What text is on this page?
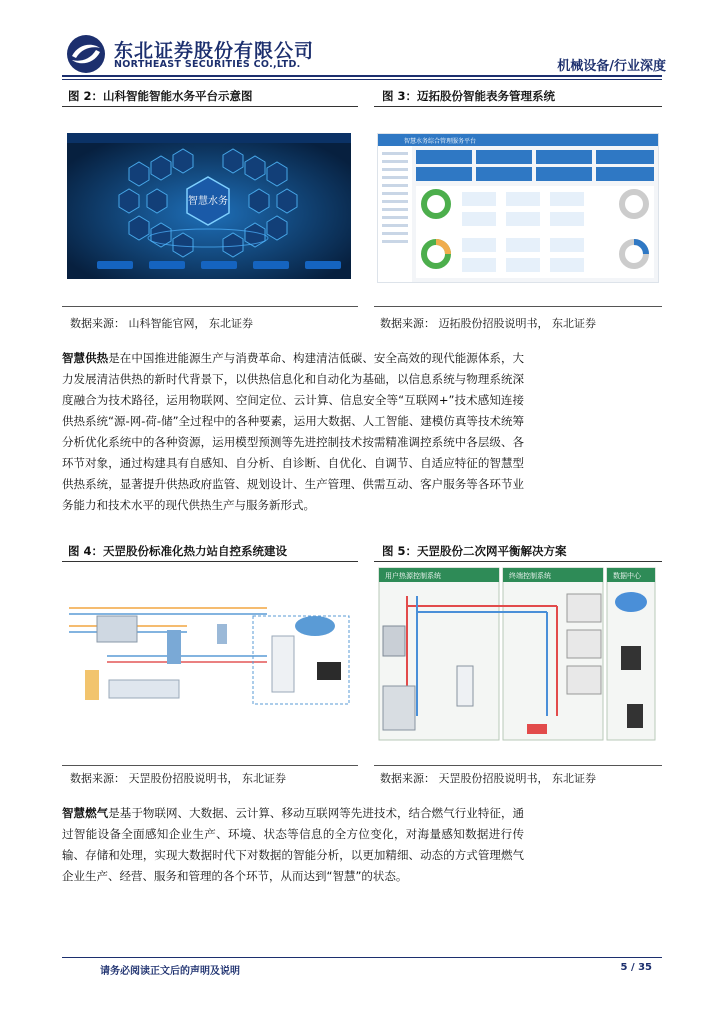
东北证券股份有限公司
NORTHEAST SECURITIES CO.,LTD.	机械设备/行业深度
图 2：山科智能智能水务平台示意图
智慧水务
数据来源： 山科智能官网， 东北证券
图 3：迈拓股份智能表务管理系统
智慧水务综合管理服务平台
数据来源： 迈拓股份招股说明书， 东北证券
智慧供热是在中国推进能源生产与消费革命、构建清洁低碳、安全高效的现代能源体系，大力发展清洁供热的新时代背景下，以供热信息化和自动化为基础，以信息系统与物理系统深度融合为技术路径，运用物联网、空间定位、云计算、信息安全等“互联网+”技术感知连接供热系统“源-网-荷-储”全过程中的各种要素，运用大数据、人工智能、建模仿真等技术统筹分析优化系统中的各种资源，运用模型预测等先进控制技术按需精准调控系统中各层级、各环节对象，通过构建具有自感知、自分析、自诊断、自优化、自调节、自适应特征的智慧型供热系统，显著提升供热政府监管、规划设计、生产管理、供需互动、客户服务等各环节业务能力和技术水平的现代供热生产与服务新形式。
图 4：天罡股份标准化热力站自控系统建设
数据来源： 天罡股份招股说明书， 东北证券
图 5：天罡股份二次网平衡解决方案
用户热源控制系统	终端控制系统	数据中心
数据来源： 天罡股份招股说明书， 东北证券
智慧燃气是基于物联网、大数据、云计算、移动互联网等先进技术，结合燃气行业特征，通过智能设备全面感知企业生产、环境、状态等信息的全方位变化，对海量感知数据进行传输、存储和处理，实现大数据时代下对数据的智能分析，以更加精细、动态的方式管理燃气企业生产、经营、服务和管理的各个环节，从而达到“智慧”的状态。
请务必阅读正文后的声明及说明	5 / 35
